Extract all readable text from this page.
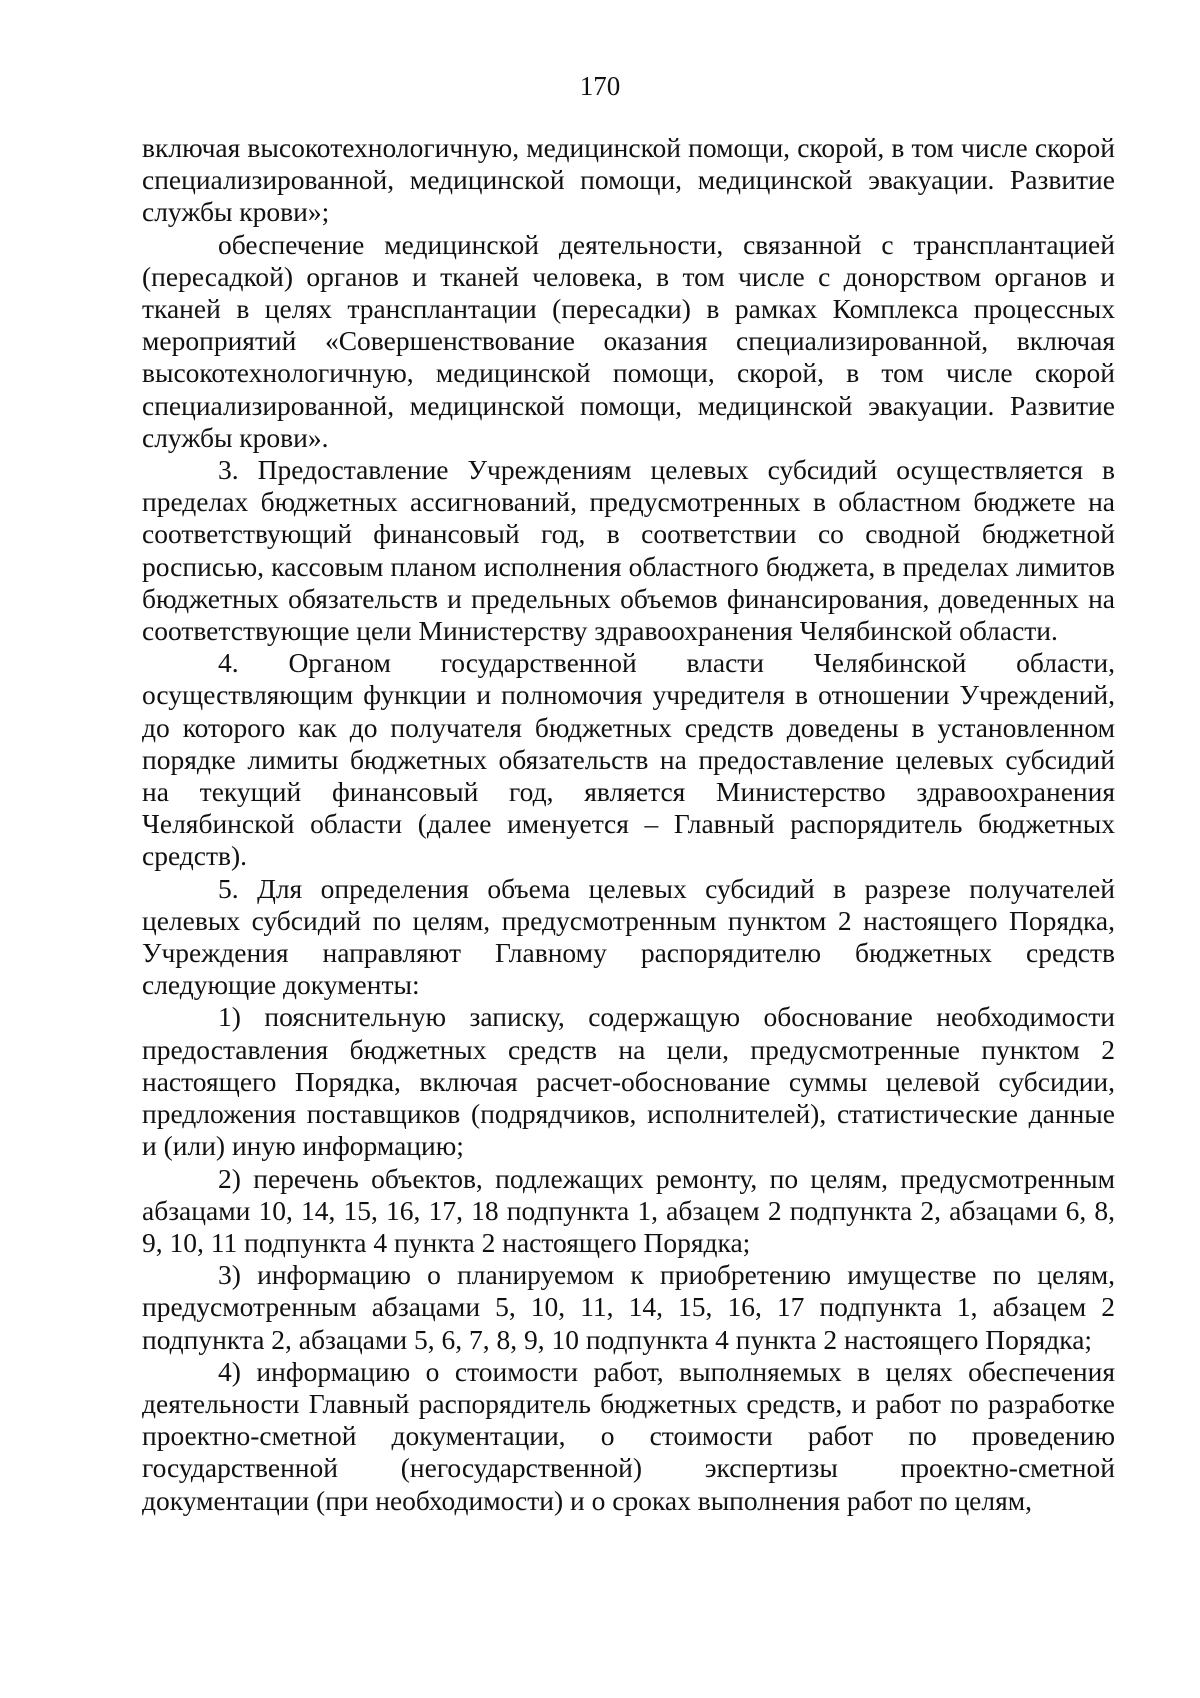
170

включая высокотехнологичную, медицинской помощи, скорой, в том числе скорой специализированной, медицинской помощи, медицинской эвакуации. Развитие службы крови»;

обеспечение медицинской деятельности, связанной с трансплантацией (пересадкой) органов и тканей человека, в том числе с донорством органов и тканей в целях трансплантации (пересадки) в рамках Комплекса процессных мероприятий «Совершенствование оказания специализированной, включая высокотехнологичную, медицинской помощи, скорой, в том числе скорой специализированной, медицинской помощи, медицинской эвакуации. Развитие службы крови».

3. Предоставление Учреждениям целевых субсидий осуществляется в пределах бюджетных ассигнований, предусмотренных в областном бюджете на соответствующий финансовый год, в соответствии со сводной бюджетной росписью, кассовым планом исполнения областного бюджета, в пределах лимитов бюджетных обязательств и предельных объемов финансирования, доведенных на соответствующие цели Министерству здравоохранения Челябинской области.

4. Органом государственной власти Челябинской области, осуществляющим функции и полномочия учредителя в отношении Учреждений, до которого как до получателя бюджетных средств доведены в установленном порядке лимиты бюджетных обязательств на предоставление целевых субсидий на текущий финансовый год, является Министерство здравоохранения Челябинской области (далее именуется – Главный распорядитель бюджетных средств).

5. Для определения объема целевых субсидий в разрезе получателей целевых субсидий по целям, предусмотренным пунктом 2 настоящего Порядка, Учреждения направляют Главному распорядителю бюджетных средств следующие документы:

1) пояснительную записку, содержащую обоснование необходимости предоставления бюджетных средств на цели, предусмотренные пунктом 2 настоящего Порядка, включая расчет-обоснование суммы целевой субсидии, предложения поставщиков (подрядчиков, исполнителей), статистические данные и (или) иную информацию;

2) перечень объектов, подлежащих ремонту, по целям, предусмотренным абзацами 10, 14, 15, 16, 17, 18 подпункта 1, абзацем 2 подпункта 2, абзацами 6, 8, 9, 10, 11 подпункта 4 пункта 2 настоящего Порядка;

3) информацию о планируемом к приобретению имуществе по целям, предусмотренным абзацами 5, 10, 11, 14, 15, 16, 17 подпункта 1, абзацем 2 подпункта 2, абзацами 5, 6, 7, 8, 9, 10 подпункта 4 пункта 2 настоящего Порядка;

4) информацию о стоимости работ, выполняемых в целях обеспечения деятельности Главный распорядитель бюджетных средств, и работ по разработке проектно-сметной документации, о стоимости работ по проведению государственной (негосударственной) экспертизы проектно-сметной документации (при необходимости) и о сроках выполнения работ по целям,
